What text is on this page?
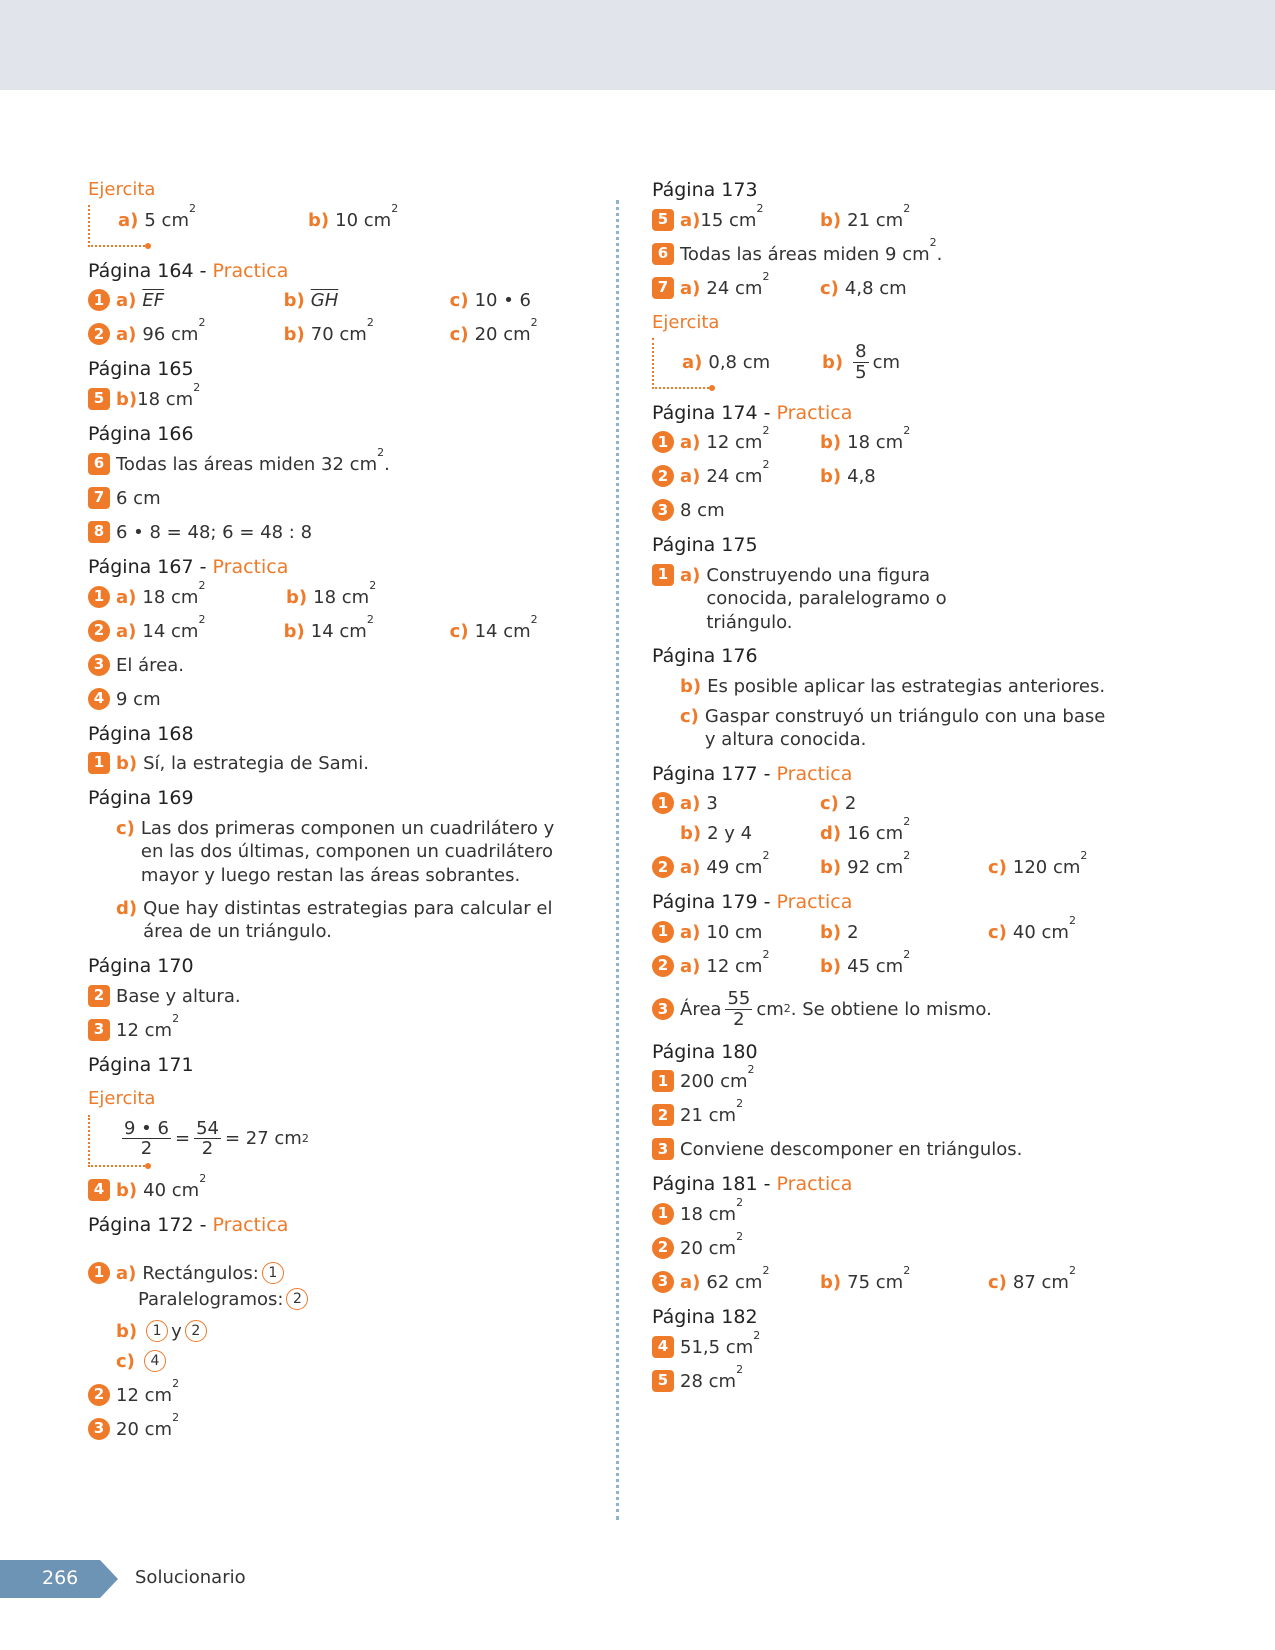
Ejercita
a) 5 cm
2
b) 10 cm
2
Página 164 - Practica
1 a) $\overline{EF}$	b) $\overline{GH}$	c) 10 • 6
2 a) 96 cm
2
b) 70 cm
2
c) 20 cm
2
Página 165
5 b) 18 cm
2
Página 166
6 Todas las áreas miden 32 cm
2
.
7 6 cm
8 6 • 8 = 48; 6 = 48 : 8
Página 167 - Practica
1 a) 18 cm
2
b) 18 cm
2
2 a) 14 cm
2
b) 14 cm
2
c) 14 cm
2
3 El área.
4 9 cm
Página 168
1 b) Sí, la estrategia de Sami.
Página 169
c) Las dos primeras componen un cuadrilátero y en las dos últimas, componen un cuadrilátero mayor y luego restan las áreas sobrantes.
d) Que hay distintas estrategias para calcular el área de un triángulo.
Página 170
2 Base y altura.
3 12 cm
2
Página 171
Ejercita
$\frac{9 • 6}{2} = \frac{54}{2} = 27$ cm 2
4 b) 40 cm
2
Página 172 - Practica
1 a) Rectángulos: 1
Paralelogramos: 2
b)	1 y 2
c)	4
2 12 cm
2
3 20 cm
2
Página 173
5 a) 15 cm
2
b) 21 cm
2
6 Todas las áreas miden 9 cm
2
.
7 a) 24 cm
2
c) 4,8 cm
Ejercita
a) 0,8 cm	$b) \frac{8}{5}$ cm
Página 174 - Practica
1 a) 12 cm
2
b) 18 cm
2
2 a) 24 cm
2
b) 4,8
3 8 cm
Página 175
1 a) Construyendo una figura conocida, paralelogramo o triángulo.
Página 176
b) Es posible aplicar las estrategias anteriores.
c) Gaspar construyó un triángulo con una base y altura conocida.
Página 177 - Practica
1 a) 3	c) 2
b) 2 y 4	d) 16 cm
2
2 a) 49 cm
2
b) 92 cm
2
c) 120 cm
2
Página 179 - Practica
1 a) 10 cm	b) 2	c) 40 cm
2
2 a) 12 cm
2
b) 45 cm
2
3 Área $\frac{55}{2}$ cm 2 . Se obtiene lo mismo.
Página 180
1 200 cm
2
2 21 cm
2
3 Conviene descomponer en triángulos.
Página 181 - Practica
1 18 cm
2
2 20 cm
2
3 a) 62 cm
2
b) 75 cm
2
c) 87 cm
2
Página 182
4 51,5 cm
2
5 28 cm
2
266	Solucionario
